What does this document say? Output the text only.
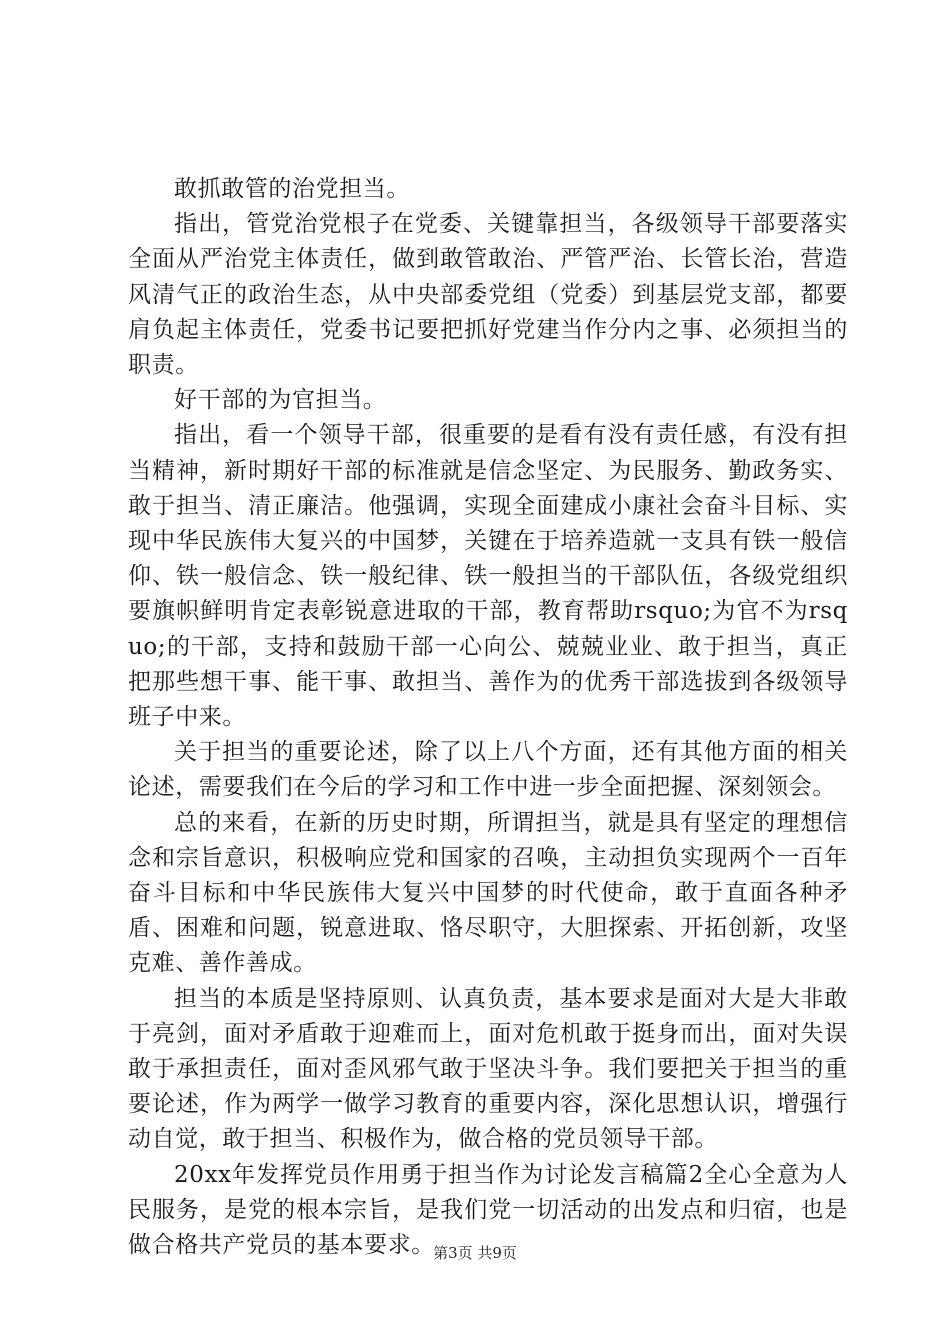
敢抓敢管的治党担当。

指出，管党治党根子在党委、关键靠担当，各级领导干部要落实全面从严治党主体责任，做到敢管敢治、严管严治、长管长治，营造风清气正的政治生态，从中央部委党组（党委）到基层党支部，都要肩负起主体责任，党委书记要把抓好党建当作分内之事、必须担当的职责。

好干部的为官担当。

指出，看一个领导干部，很重要的是看有没有责任感，有没有担当精神，新时期好干部的标准就是信念坚定、为民服务、勤政务实、敢于担当、清正廉洁。他强调，实现全面建成小康社会奋斗目标、实现中华民族伟大复兴的中国梦，关键在于培养造就一支具有铁一般信仰、铁一般信念、铁一般纪律、铁一般担当的干部队伍，各级党组织要旗帜鲜明肯定表彰锐意进取的干部，教育帮助rsquo;为官不为rsquo;的干部，支持和鼓励干部一心向公、兢兢业业、敢于担当，真正把那些想干事、能干事、敢担当、善作为的优秀干部选拔到各级领导班子中来。

关于担当的重要论述，除了以上八个方面，还有其他方面的相关论述，需要我们在今后的学习和工作中进一步全面把握、深刻领会。

总的来看，在新的历史时期，所谓担当，就是具有坚定的理想信念和宗旨意识，积极响应党和国家的召唤，主动担负实现两个一百年奋斗目标和中华民族伟大复兴中国梦的时代使命，敢于直面各种矛盾、困难和问题，锐意进取、恪尽职守，大胆探索、开拓创新，攻坚克难、善作善成。

担当的本质是坚持原则、认真负责，基本要求是面对大是大非敢于亮剑，面对矛盾敢于迎难而上，面对危机敢于挺身而出，面对失误敢于承担责任，面对歪风邪气敢于坚决斗争。我们要把关于担当的重要论述，作为两学一做学习教育的重要内容，深化思想认识，增强行动自觉，敢于担当、积极作为，做合格的党员领导干部。

20xx年发挥党员作用勇于担当作为讨论发言稿篇2全心全意为人民服务，是党的根本宗旨，是我们党一切活动的出发点和归宿，也是做合格共产党员的基本要求。

第3页 共9页
